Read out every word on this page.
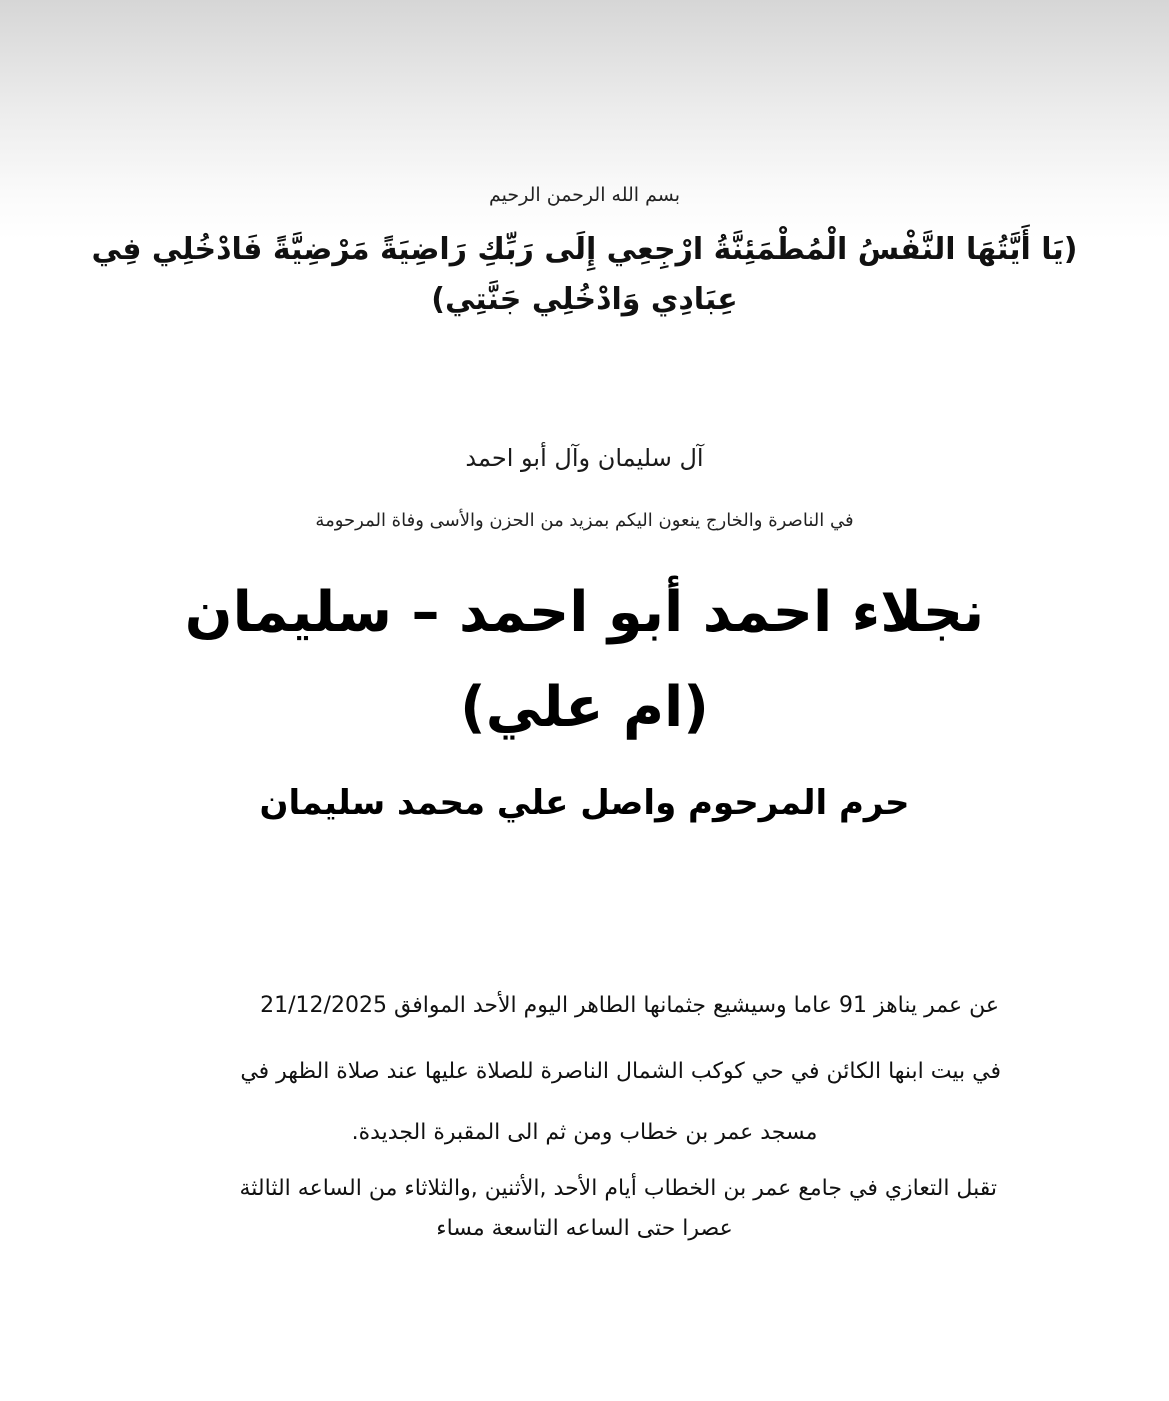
بسم الله الرحمن الرحيم
(يَا أَيَّتُهَا النَّفْسُ الْمُطْمَئِنَّةُ ارْجِعِي إِلَى رَبِّكِ رَاضِيَةً مَرْضِيَّةً فَادْخُلِي فِي
عِبَادِي وَادْخُلِي جَنَّتِي)
آل سليمان وآل أبو احمد
في الناصرة والخارج ينعون اليكم بمزيد من الحزن والأسى وفاة المرحومة
نجلاء احمد أبو احمد – سليمان
(ام علي)
حرم المرحوم واصل علي محمد سليمان
عن عمر يناهز 91 عاما وسيشيع جثمانها الطاهر اليوم الأحد الموافق 21/12/2025
في بيت ابنها الكائن في حي كوكب الشمال الناصرة للصلاة عليها عند صلاة الظهر في
مسجد عمر بن خطاب ومن ثم الى المقبرة الجديدة.
تقبل التعازي في جامع عمر بن الخطاب أيام الأحد ,الأثنين ,والثلاثاء من الساعه الثالثة
عصرا حتى الساعه التاسعة مساء
